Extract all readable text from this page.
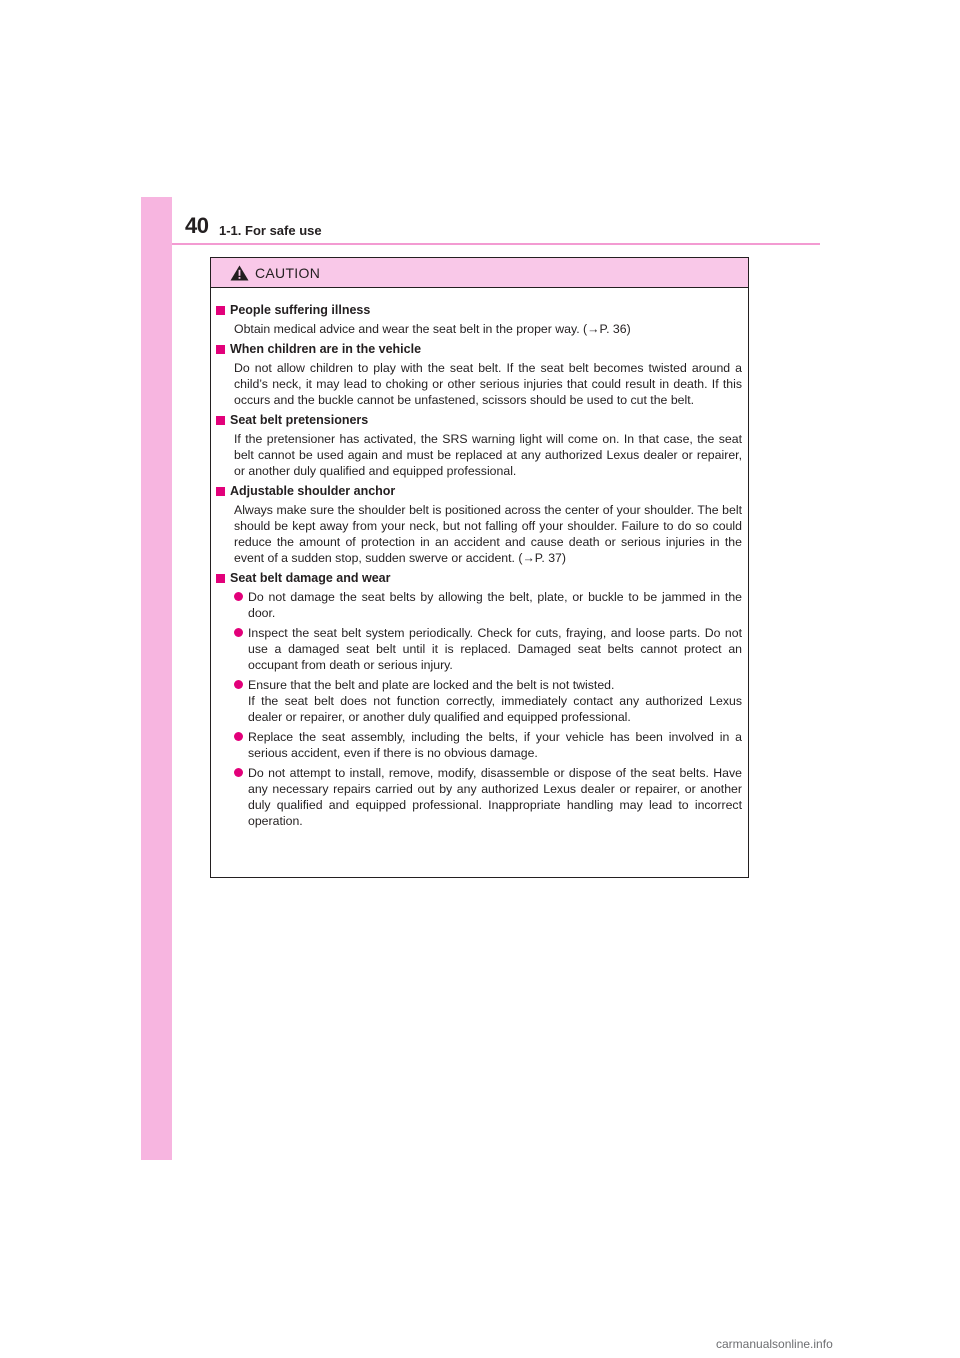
40 1-1. For safe use
CAUTION
People suffering illness
Obtain medical advice and wear the seat belt in the proper way. (→P. 36)
When children are in the vehicle
Do not allow children to play with the seat belt. If the seat belt becomes twisted around a child’s neck, it may lead to choking or other serious injuries that could result in death. If this occurs and the buckle cannot be unfastened, scissors should be used to cut the belt.
Seat belt pretensioners
If the pretensioner has activated, the SRS warning light will come on. In that case, the seat belt cannot be used again and must be replaced at any authorized Lexus dealer or repairer, or another duly qualified and equipped professional.
Adjustable shoulder anchor
Always make sure the shoulder belt is positioned across the center of your shoulder. The belt should be kept away from your neck, but not falling off your shoulder. Failure to do so could reduce the amount of protection in an accident and cause death or serious injuries in the event of a sudden stop, sudden swerve or accident. (→P. 37)
Seat belt damage and wear
Do not damage the seat belts by allowing the belt, plate, or buckle to be jammed in the door.
Inspect the seat belt system periodically. Check for cuts, fraying, and loose parts. Do not use a damaged seat belt until it is replaced. Damaged seat belts cannot protect an occupant from death or serious injury.
Ensure that the belt and plate are locked and the belt is not twisted.
If the seat belt does not function correctly, immediately contact any authorized Lexus dealer or repairer, or another duly qualified and equipped professional.
Replace the seat assembly, including the belts, if your vehicle has been involved in a serious accident, even if there is no obvious damage.
Do not attempt to install, remove, modify, disassemble or dispose of the seat belts. Have any necessary repairs carried out by any authorized Lexus dealer or repairer, or another duly qualified and equipped professional. Inappropriate handling may lead to incorrect operation.
carmanualsonline.info
